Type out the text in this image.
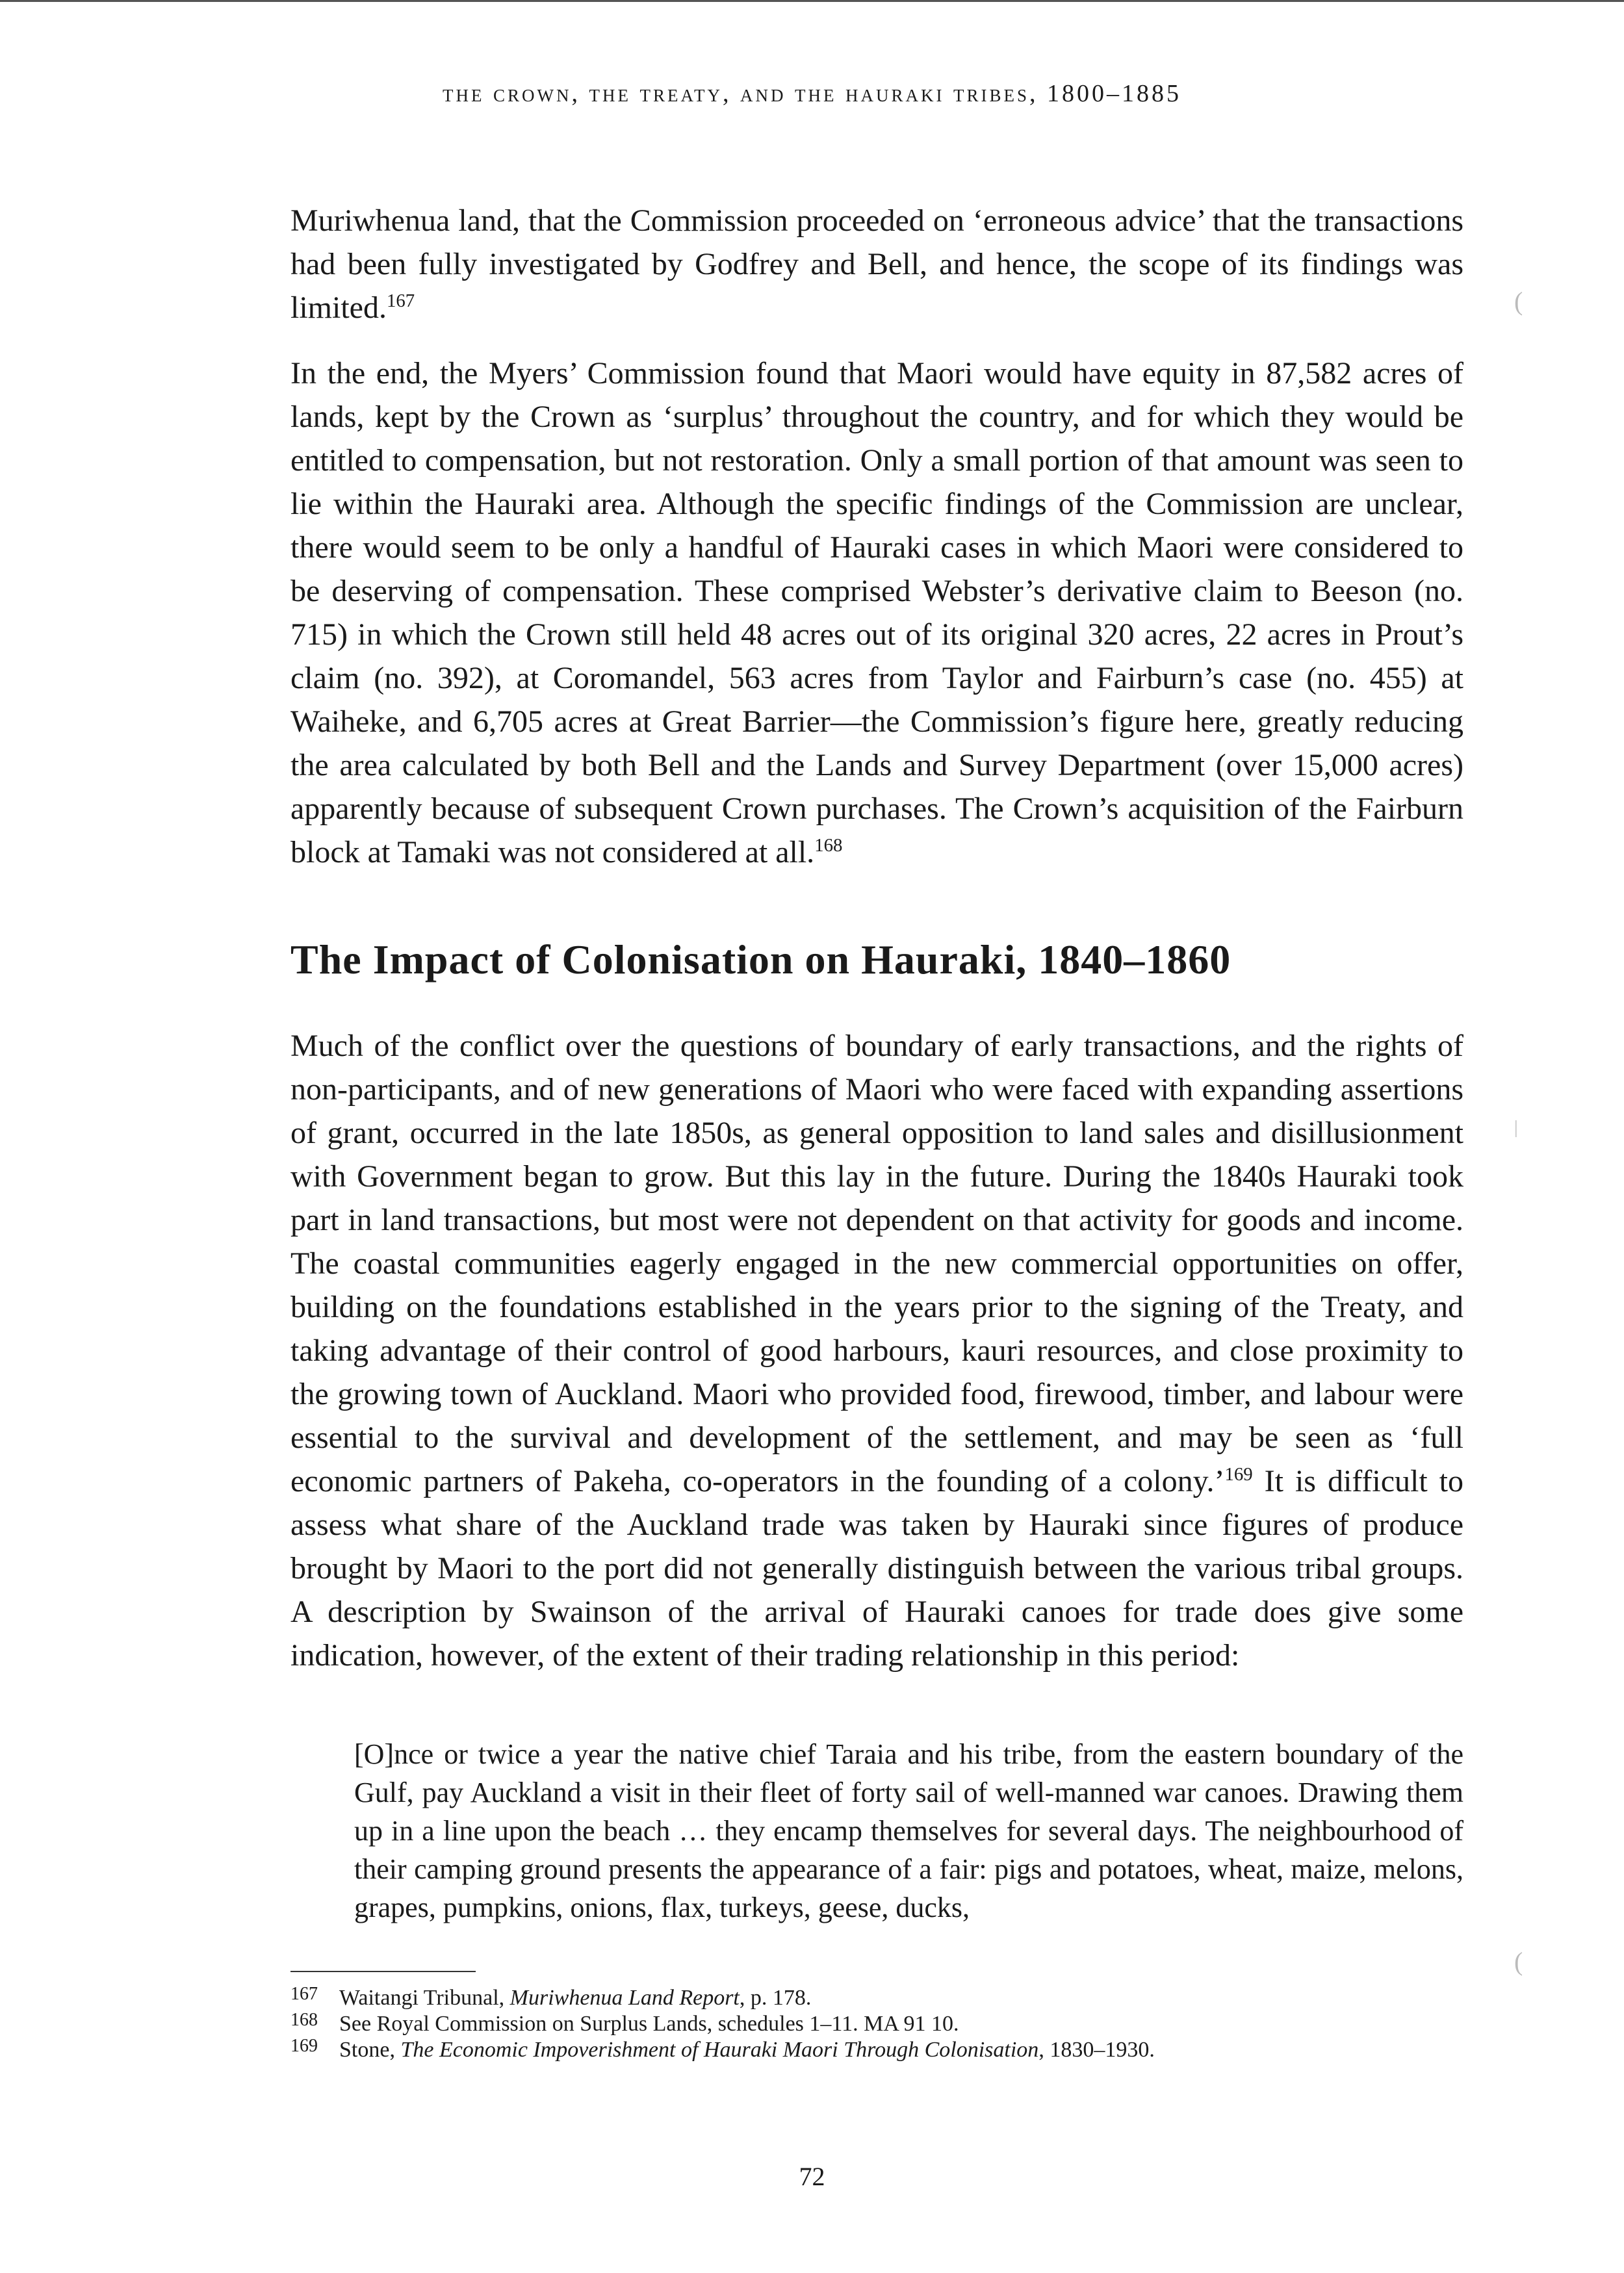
the crown, the treaty, and the hauraki tribes, 1800–1885

Muriwhenua land, that the Commission proceeded on ‘erroneous advice’ that the transactions had been fully investigated by Godfrey and Bell, and hence, the scope of its findings was limited.$^{167}$

In the end, the Myers’ Commission found that Maori would have equity in 87,582 acres of lands, kept by the Crown as ‘surplus’ throughout the country, and for which they would be entitled to compensation, but not restoration. Only a small portion of that amount was seen to lie within the Hauraki area. Although the specific findings of the Commission are unclear, there would seem to be only a handful of Hauraki cases in which Maori were considered to be deserving of compensation. These comprised Webster’s derivative claim to Beeson (no. 715) in which the Crown still held 48 acres out of its original 320 acres, 22 acres in Prout’s claim (no. 392), at Coromandel, 563 acres from Taylor and Fairburn’s case (no. 455) at Waiheke, and 6,705 acres at Great Barrier—the Commission’s figure here, greatly reducing the area calculated by both Bell and the Lands and Survey Department (over 15,000 acres) apparently because of subsequent Crown purchases. The Crown’s acquisition of the Fairburn block at Tamaki was not considered at all.$^{168}$

The Impact of Colonisation on Hauraki, 1840–1860

Much of the conflict over the questions of boundary of early transactions, and the rights of non-participants, and of new generations of Maori who were faced with expanding assertions of grant, occurred in the late 1850s, as general opposition to land sales and disillusionment with Government began to grow. But this lay in the future. During the 1840s Hauraki took part in land transactions, but most were not dependent on that activity for goods and income. The coastal communities eagerly engaged in the new commercial opportunities on offer, building on the foundations established in the years prior to the signing of the Treaty, and taking advantage of their control of good harbours, kauri resources, and close proximity to the growing town of Auckland. Maori who provided food, firewood, timber, and labour were essential to the survival and development of the settlement, and may be seen as ‘full economic partners of Pakeha, co-operators in the founding of a colony.’$^{169}$ It is difficult to assess what share of the Auckland trade was taken by Hauraki since figures of produce brought by Maori to the port did not generally distinguish between the various tribal groups. A description by Swainson of the arrival of Hauraki canoes for trade does give some indication, however, of the extent of their trading relationship in this period:

[O]nce or twice a year the native chief Taraia and his tribe, from the eastern boundary of the Gulf, pay Auckland a visit in their fleet of forty sail of well-manned war canoes. Drawing them up in a line upon the beach … they encamp themselves for several days. The neighbourhood of their camping ground presents the appearance of a fair: pigs and potatoes, wheat, maize, melons, grapes, pumpkins, onions, flax, turkeys, geese, ducks,
167 Waitangi Tribunal, Muriwhenua Land Report, p. 178.
168 See Royal Commission on Surplus Lands, schedules 1–11. MA 91 10.
169 Stone, The Economic Impoverishment of Hauraki Maori Through Colonisation, 1830–1930.
72
(
|
(
